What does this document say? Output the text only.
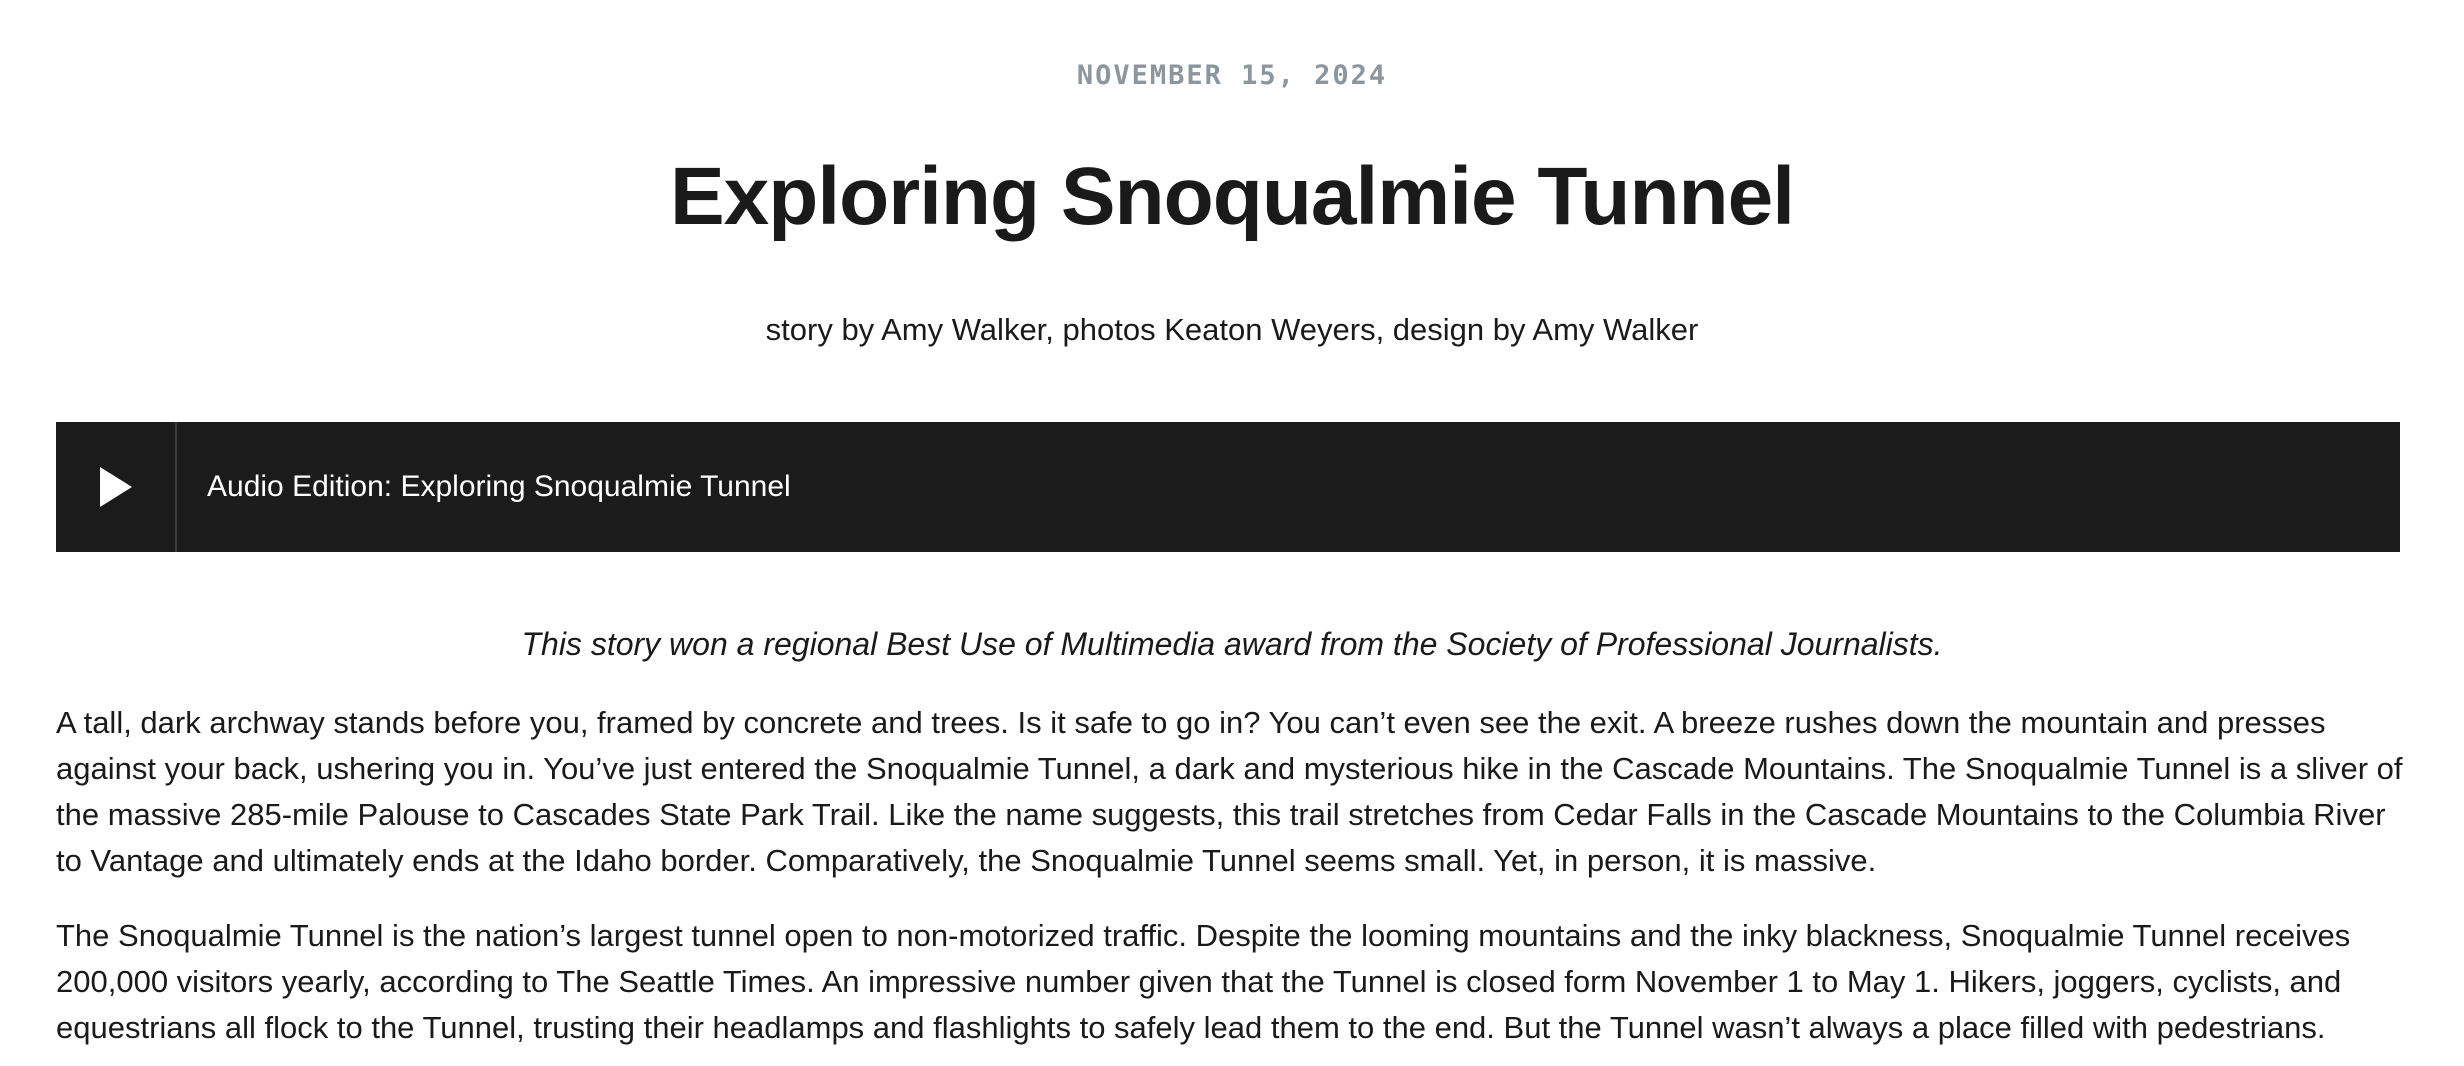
NOVEMBER 15, 2024
Exploring Snoqualmie Tunnel
story by Amy Walker, photos Keaton Weyers, design by Amy Walker
Audio Edition: Exploring Snoqualmie Tunnel
This story won a regional Best Use of Multimedia award from the Society of Professional Journalists.

A tall, dark archway stands before you, framed by concrete and trees. Is it safe to go in? You can’t even see the exit. A breeze rushes down the mountain and presses against your back, ushering you in. You’ve just entered the Snoqualmie Tunnel, a dark and mysterious hike in the Cascade Mountains. The Snoqualmie Tunnel is a sliver of the massive 285-mile Palouse to Cascades State Park Trail. Like the name suggests, this trail stretches from Cedar Falls in the Cascade Mountains to the Columbia River to Vantage and ultimately ends at the Idaho border. Comparatively, the Snoqualmie Tunnel seems small. Yet, in person, it is massive.

The Snoqualmie Tunnel is the nation’s largest tunnel open to non-motorized traffic. Despite the looming mountains and the inky blackness, Snoqualmie Tunnel receives 200,000 visitors yearly, according to The Seattle Times. An impressive number given that the Tunnel is closed form November 1 to May 1. Hikers, joggers, cyclists, and equestrians all flock to the Tunnel, trusting their headlamps and flashlights to safely lead them to the end. But the Tunnel wasn’t always a place filled with pedestrians.
